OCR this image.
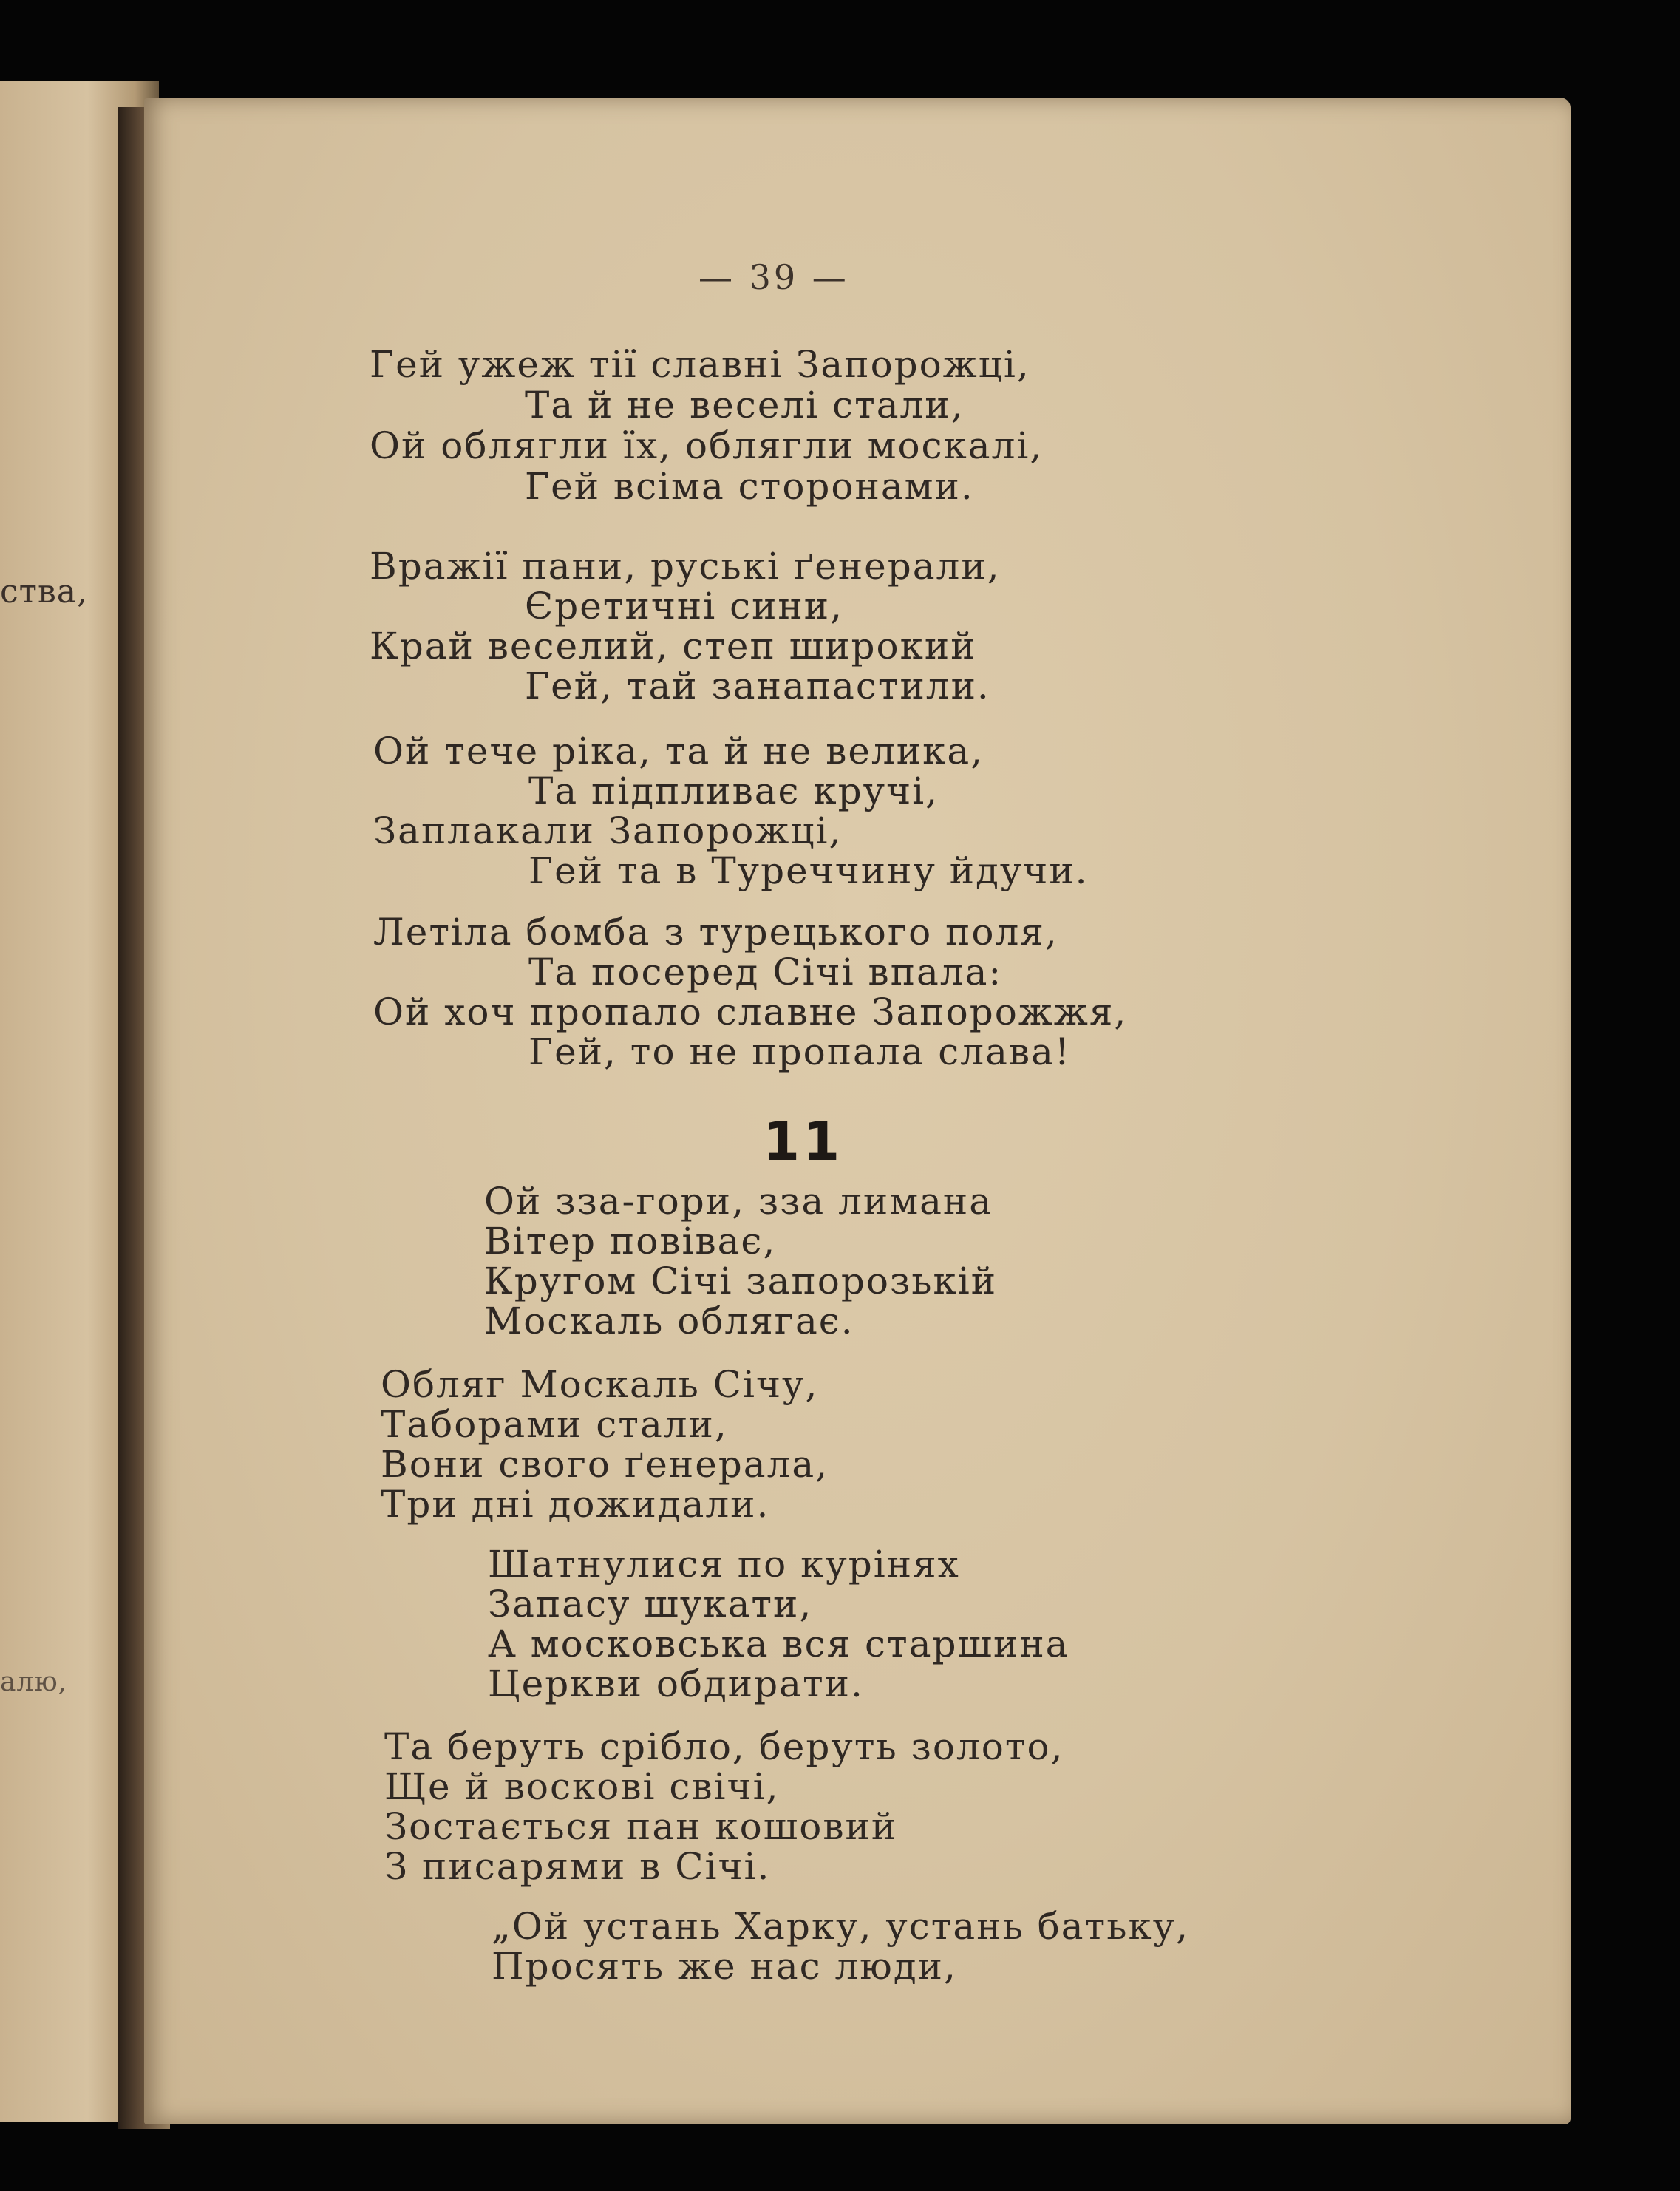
ства,

алю,

— 39 —

Гей ужеж тії славні Запорожці,

Та й не веселі стали,

Ой облягли їх, облягли москалі,

Гей всіма сторонами.

Вражії пани, руські ґенерали,

Єретичні сини,

Край веселий, степ широкий

Гей, тай занапастили.

Ой тече ріка, та й не велика,

Та підпливає кручі,

Заплакали Запорожці,

Гей та в Туреччину йдучи.

Летіла бомба з турецького поля,

Та посеред Січі впала:

Ой хоч пропало славне Запорожжя,

Гей, то не пропала слава!

11

Ой зза-гори, зза лимана

Вітер повіває,

Кругом Січі запорозькій

Москаль облягає.

Обляг Москаль Січу,

Таборами стали,

Вони свого ґенерала,

Три дні дожидали.

Шатнулися по курінях

Запасу шукати,

А московська вся старшина

Церкви обдирати.

Та беруть срібло, беруть золото,

Ще й воскові свічі,

Зостається пан кошовий

З писарями в Січі.

„Ой устань Харку, устань батьку,

Просять же нас люди,
